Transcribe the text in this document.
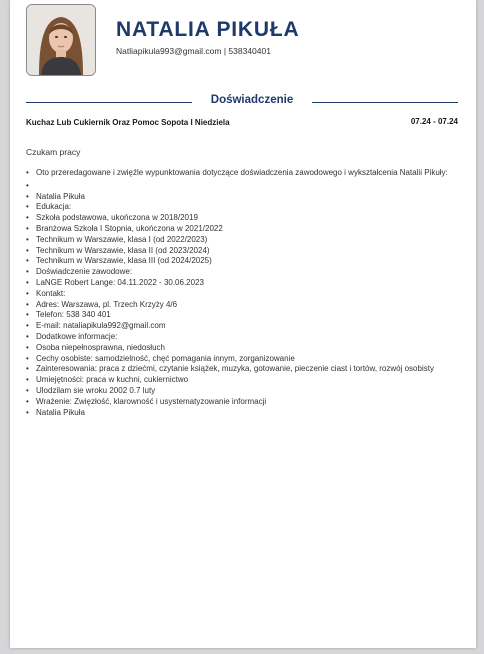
NATALIA PIKUŁA
Natliapikula993@gmail.com | 538340401
Doświadczenie
Kuchaz Lub Cukiernik Oraz Pomoc Sopota I Niedziela	07.24 - 07.24
Czukam pracy
• Oto przeredagowane i zwięźle wypunktowania dotyczące doświadczenia zawodowego i wykształcenia Natalii Pikuły:
•
• Natalia Pikuła
• Edukacja:
• Szkoła podstawowa, ukończona w 2018/2019
• Branżowa Szkoła I Stopnia, ukończona w 2021/2022
• Technikum w Warszawie, klasa I (od 2022/2023)
• Technikum w Warszawie, klasa II (od 2023/2024)
• Technikum w Warszawie, klasa III (od 2024/2025)
• Doświadczenie zawodowe:
• LaNGE Robert Lange: 04.11.2022 - 30.06.2023
• Kontakt:
• Adres: Warszawa, pl. Trzech Krzyży 4/6
• Telefon: 538 340 401
• E-mail: nataliapikula992@gmail.com
• Dodatkowe informacje:
• Osoba niepełnosprawna, niedosłuch
• Cechy osobiste: samodzielność, chęć pomagania innym, zorganizowanie
• Zainteresowania: praca z dziećmi, czytanie książek, muzyka, gotowanie, pieczenie ciast i tortów, rozwój osobisty
• Umiejętności: praca w kuchni, cukiernictwo
• Ulodzilam sie wroku 2002 0.7 luty
• Wrażenie: Zwięzłość, klarowność i usystematyzowanie informacji
• Natalia Pikuła
